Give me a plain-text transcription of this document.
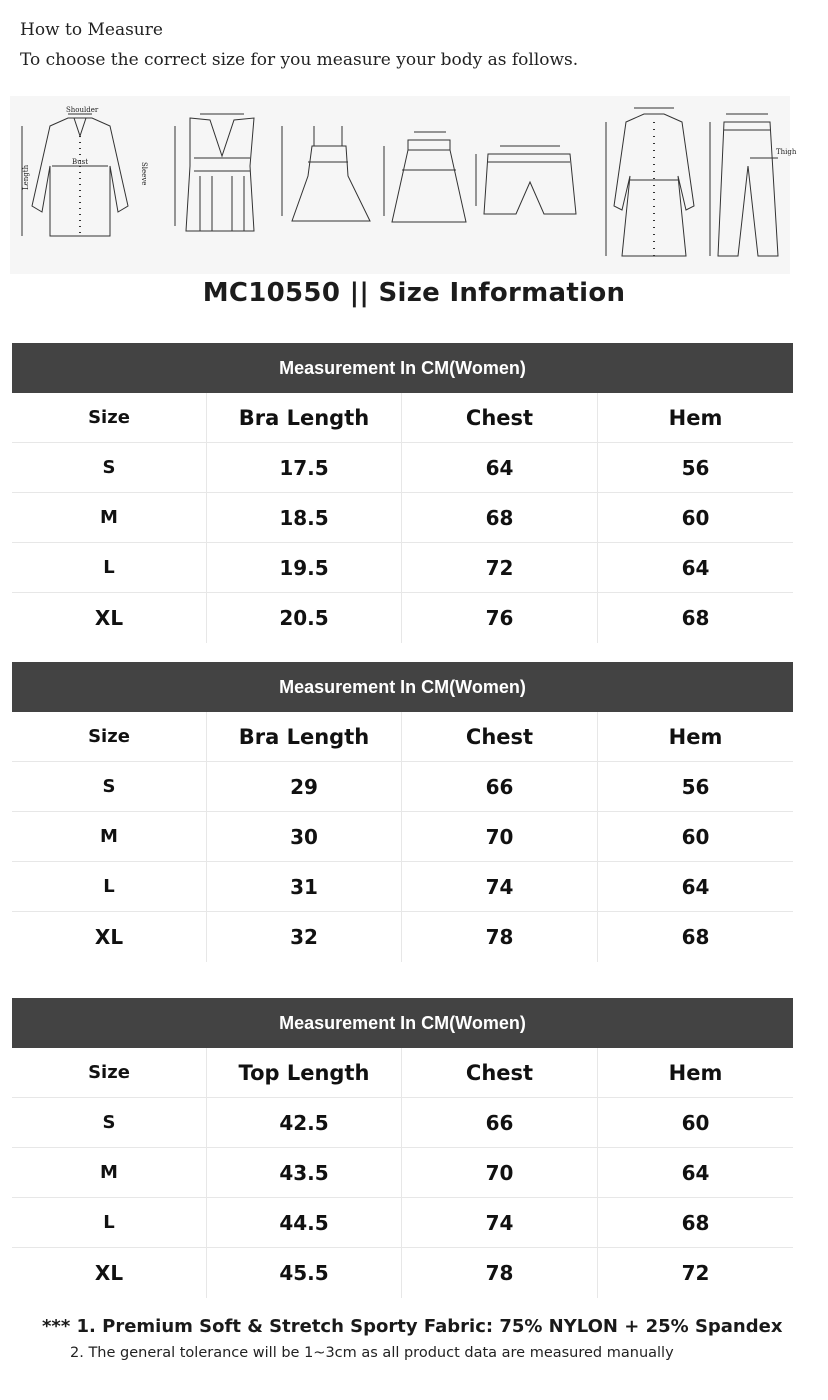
How to Measure
To choose the correct size for you measure your body as follows.
Shoulder
Bust
Length	Sleeve
Thigh
MC10550 || Size Information
Measurement In CM(Women)
Size	Bra Length	Chest	Hem
S	17.5	64	56
M	18.5	68	60
L	19.5	72	64
XL	20.5	76	68
Measurement In CM(Women)
Size	Bra Length	Chest	Hem
S	29	66	56
M	30	70	60
L	31	74	64
XL	32	78	68
Measurement In CM(Women)
Size	Top Length	Chest	Hem
S	42.5	66	60
M	43.5	70	64
L	44.5	74	68
XL	45.5	78	72
*** 1. Premium Soft & Stretch Sporty Fabric: 75% NYLON + 25% Spandex
2. The general tolerance will be 1~3cm as all product data are measured manually
